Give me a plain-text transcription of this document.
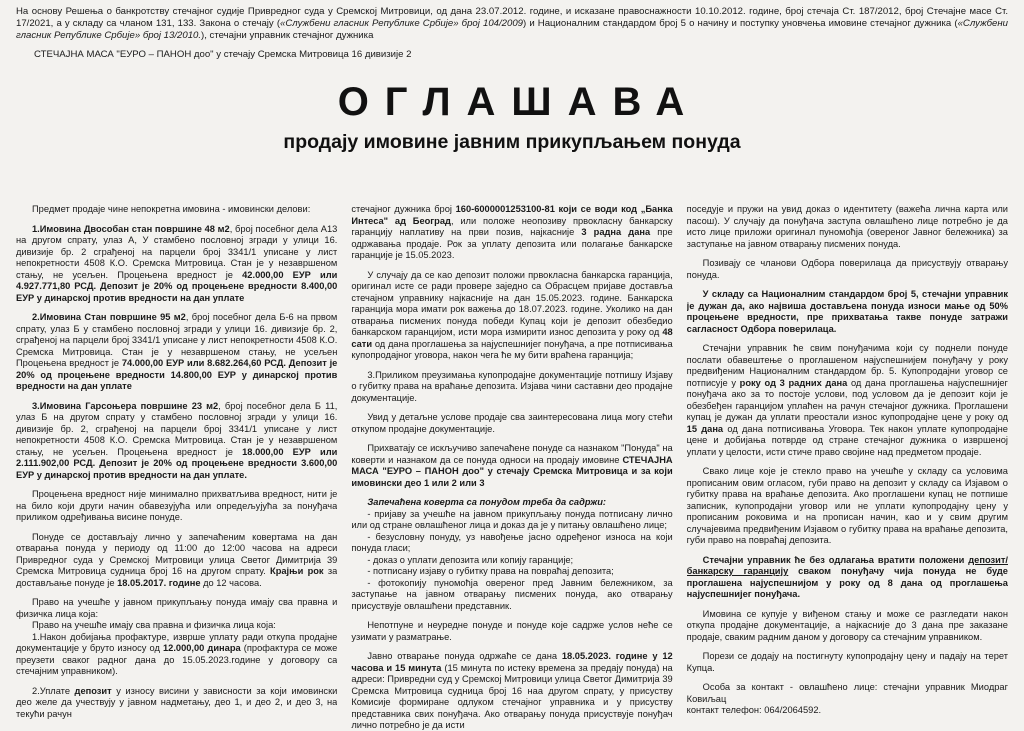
На основу Решења о банкротству стечајног судије Привредног суда у Сремској Митровици, од дана 23.07.2012. године, и исказане правоснажности 10.10.2012. године, број стечаја Ст. 187/2012, број Стечајне масе Ст. 17/2021, а у складу са чланом 131, 133. Закона о стечају («Службени гласник Републике Србије» број 104/2009) и Националним стандардом број 5 о начину и поступку уновчења имовине стечајног дужника («Службени гласник Републике Србије» број 13/2010.), стечајни управник стечајног дужника

СТЕЧАЈНА МАСА "ЕУРО – ПАНОН доо" у стечају Сремска Митровица 16 дивизије 2

ОГЛАШАВА
продају имовине јавним прикупљањем понуда

Предмет продаје чине непокретна имовина - имовински делови:

1.Имовина Двособан стан површине 48 м2, број посебног дела А13 на другом спрату, улаз А, У стамбено пословној згради у улици 16. дивизије бр. 2 сграђеној на парцели број 3341/1 уписане у лист непокретности 4508 К.О. Сремска Митровица. Стан је у незавршеном стању, не усељен. Процењена вредност је 42.000,00 ЕУР или 4.927.771,80 РСД. Депозит је 20% од процењене вредности 8.400,00 ЕУР у динарској против вредности на дан уплате

2.Имовина Стан површине 95 м2, број посебног дела Б-6 на првом спрату, улаз Б у стамбено пословној згради у улици 16. дивизије бр. 2, сграђеној на парцели број 3341/1 уписане у лист непокретности 4508 К.О. Сремска Митровица. Стан је у незавршеном стању, не усељен Процењена вредност је 74.000,00 ЕУР или 8.682.264,60 РСД. Депозит је 20% од процењене вредности 14.800,00 ЕУР у динарској против вредности на дан уплате

3.Имовина Гарсоњера површине 23 м2, број посебног дела Б 11, улаз Б на другом спрату у стамбено пословној згради у улици 16. дивизије бр. 2, сграђеној на парцели број 3341/1 уписане у лист непокретности 4508 К.О. Сремска Митровица. Стан је у незавршеном стању, не усељен. Процењена вредност је 18.000,00 ЕУР или 2.111.902,00 РСД. Депозит је 20% од процењене вредности 3.600,00 ЕУР у динарској против вредности на дан уплате.

Процењена вредност није минимално прихватљива вредност, нити је на било који други начин обавезујућа или опредељујућа за понуђача приликом одређивања висине понуде.

Понуде се достављају лично у запечаћеним ковертама на дан отварања понуда у периоду од 11:00 до 12:00 часова на адреси Привредног суда у Сремској Митровици улица Светог Димитрија 39 Сремска Митровица судница број 16 на другом спрату. Крајњи рок за достављање понуде је 18.05.2017. године до 12 часова.

Право на учешће у јавном прикупљању понуда имају сва правна и физичка лица која:

Право на учешће имају сва правна и физичка лица која:

1.Након добијања профактуре, изврше уплату ради откупа продајне документације у бруто износу од 12.000,00 динара (профактура се може преузети сваког радног дана до 15.05.2023.године у договору са стечајним управником).

2.Уплате депозит у износу висини у зависности за који имовински део желе да учествују у јавном надметању, део 1, и део 2, и део 3, на текући рачун

стечајног дужника број 160-6000001253100-81 који се води код „Банка Интеса" ад Београд, или положе неопозиву првокласну банкарску гаранцију наплативу на први позив, најкасније 3 радна дана пре одржавања продаје. Рок за уплату депозита или полагање банкарске гаранције је 15.05.2023.

У случају да се као депозит положи првокласна банкарска гаранција, оригинал исте се ради провере заједно са Обрасцем пријаве доставља стечајном управнику најкасније на дан 15.05.2023. године. Банкарска гаранција мора имати рок важења до 18.07.2023. године. Уколико на дан отварања писмених понуда победи Купац који је депозит обезбедио банкарском гаранцијом, исти мора измирити износ депозита у року од 48 сати од дана проглашења за најуспешнијег понуђача, а пре потписивања купопродајног уговора, након чега ће му бити враћена гаранција;

3.Приликом преузимања купопродајне документације потпишу Изјаву о губитку права на враћање депозита. Изјава чини саставни део продајне документације.

Увид у детаљне услове продаје сва заинтересована лица могу стећи откупом продајне документације.

Прихватају се искључиво запечаћене понуде са назнаком "Понуда" на коверти и назнаком да се понуда односи на продају имовине СТЕЧАЈНА МАСА "ЕУРО – ПАНОН доо" у стечају Сремска Митровица и за који имовински део 1 или 2 или 3

Запечаћена коверта са понудом треба да садржи:

- пријаву за учешће на јавном прикупљању понуда потписану лично или од стране овлашћеног лица и доказ да је у питању овлашћено лице;

- безусловну понуду, уз навођење јасно одређеног износа на који понуда гласи;

- доказ о уплати депозита или копију гаранције;

- потписану изјаву о губитку права на повраћај депозита;

- фотокопију пуномоћја овереног пред Јавним бележником, за заступање на јавном отварању писмених понуда, ако отварању присуствује овлашћени представник.

Непотпуне и неуредне понуде и понуде које садрже услов неће се узимати у разматрање.

Јавно отварање понуда одржаће се дана 18.05.2023. године у 12 часова и 15 минута (15 минута по истеку времена за предају понуда) на адреси: Привредни суд у Сремској Митровици улица Светог Димитрија 39 Сремска Митровица судница број 16 наа другом спрату, у присуству Комисије формиране одлуком стечајног управника и у присуству представника свих понуђача. Ако отварању понуда присуствује понуђач лично потребно је да исти

поседује и пружи на увид доказ о идентитету (важећа лична карта или пасош). У случају да понуђача заступа овлашћено лице потребно је да исто лице приложи оригинал пуномоћја (овереног Јавног бележника) за заступање на јавном отварању писмених понуда.

Позивају се чланови Одбора поверилаца да присуствују отварању понуда.

У складу са Националним стандардом број 5, стечајни управник је дужан да, ако највиша достављена понуда износи мање од 50% процењене вредности, пре прихватања такве понуде затражи сагласност Одбора поверилаца.

Стечајни управник ће свим понуђачима који су поднели понуде послати обавештење о проглашеном најуспешнијем понуђачу у року предвиђеним Националним стандардом бр. 5. Купопродајни уговор се потписује у року од 3 радних дана од дана проглашења најуспешнијег понуђача ако за то постоје услови, под условом да је депозит који је обезбеђен гаранцијом уплаћен на рачун стечајног дужника. Проглашени купац је дужан да уплати преостали износ купопродајне цене у року од 15 дана од дана потписивања Уговора. Тек након уплате купопродајне цене и добијања потврде од стране стечајног дужника о извршеној уплати у целости, исти стиче право својине над предметом продаје.

Свако лице које је стекло право на учешће у складу са условима прописаним овим огласом, губи право на депозит у складу са Изјавом о губитку права на враћање депозита. Ако проглашени купац не потпише записник, купопродајни уговор или не уплати купопродајну цену у прописаним роковима и на прописан начин, као и у свим другим случајевима предвиђеним Изјавом о губитку права на враћање депозита, губи право на повраћај депозита.

Стечајни управник ће без одлагања вратити положени депозит/банкарску гаранцију сваком понуђачу чија понуда не буде проглашена најуспешнијом у року од 8 дана од проглашења најуспешнијег понуђача.

Имовина се купује у виђеном стању и може се разгледати након откупа продајне документације, а најкасније до 3 дана пре заказане продаје, сваким радним даном у договору са стечајним управником.

Порези се додају на постигнуту купопродајну цену и падају на терет Купца.

Особа за контакт - овлашћено лице: стечајни управник Миодраг Ковиљац

контакт телефон: 064/2064592.
